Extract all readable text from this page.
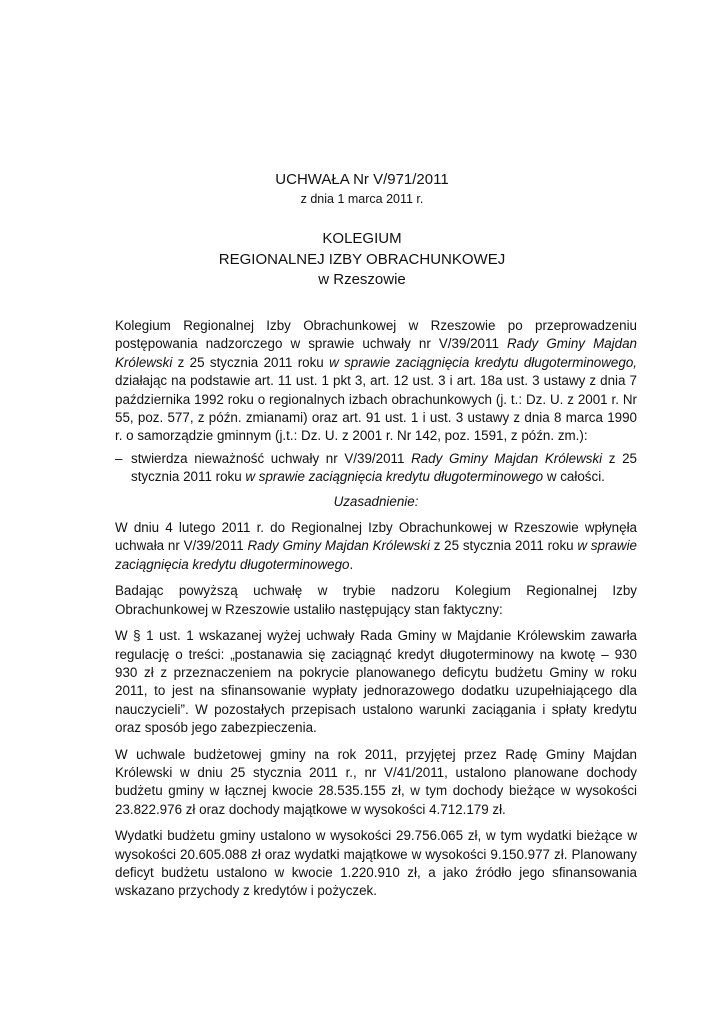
UCHWAŁA Nr V/971/2011
z dnia 1 marca 2011 r.
KOLEGIUM
REGIONALNEJ IZBY OBRACHUNKOWEJ
w Rzeszowie

Kolegium Regionalnej Izby Obrachunkowej w Rzeszowie po przeprowadzeniu postępowania nadzorczego w sprawie uchwały nr V/39/2011 Rady Gminy Majdan Królewski z 25 stycznia 2011 roku w sprawie zaciągnięcia kredytu długoterminowego, działając na podstawie art. 11 ust. 1 pkt 3, art. 12 ust. 3 i art. 18a ust. 3 ustawy z dnia 7 października 1992 roku o regionalnych izbach obrachunkowych (j. t.: Dz. U. z 2001 r. Nr 55, poz. 577, z późn. zmianami) oraz art. 91 ust. 1 i ust. 3 ustawy z dnia 8 marca 1990 r. o samorządzie gminnym (j.t.: Dz. U. z 2001 r. Nr 142, poz. 1591, z późn. zm.):

– stwierdza nieważność uchwały nr V/39/2011 Rady Gminy Majdan Królewski z 25 stycznia 2011 roku w sprawie zaciągnięcia kredytu długoterminowego w całości.
Uzasadnienie:

W dniu 4 lutego 2011 r. do Regionalnej Izby Obrachunkowej w Rzeszowie wpłynęła uchwała nr V/39/2011 Rady Gminy Majdan Królewski z 25 stycznia 2011 roku w sprawie zaciągnięcia kredytu długoterminowego.

Badając powyższą uchwałę w trybie nadzoru Kolegium Regionalnej Izby Obrachunkowej w Rzeszowie ustaliło następujący stan faktyczny:

W § 1 ust. 1 wskazanej wyżej uchwały Rada Gminy w Majdanie Królewskim zawarła regulację o treści: „postanawia się zaciągnąć kredyt długoterminowy na kwotę – 930 930 zł z przeznaczeniem na pokrycie planowanego deficytu budżetu Gminy w roku 2011, to jest na sfinansowanie wypłaty jednorazowego dodatku uzupełniającego dla nauczycieli”. W pozostałych przepisach ustalono warunki zaciągania i spłaty kredytu oraz sposób jego zabezpieczenia.

W uchwale budżetowej gminy na rok 2011, przyjętej przez Radę Gminy Majdan Królewski w dniu 25 stycznia 2011 r., nr V/41/2011, ustalono planowane dochody budżetu gminy w łącznej kwocie 28.535.155 zł, w tym dochody bieżące w wysokości 23.822.976 zł oraz dochody majątkowe w wysokości 4.712.179 zł.

Wydatki budżetu gminy ustalono w wysokości 29.756.065 zł, w tym wydatki bieżące w wysokości 20.605.088 zł oraz wydatki majątkowe w wysokości 9.150.977 zł. Planowany deficyt budżetu ustalono w kwocie 1.220.910 zł, a jako źródło jego sfinansowania wskazano przychody z kredytów i pożyczek.
